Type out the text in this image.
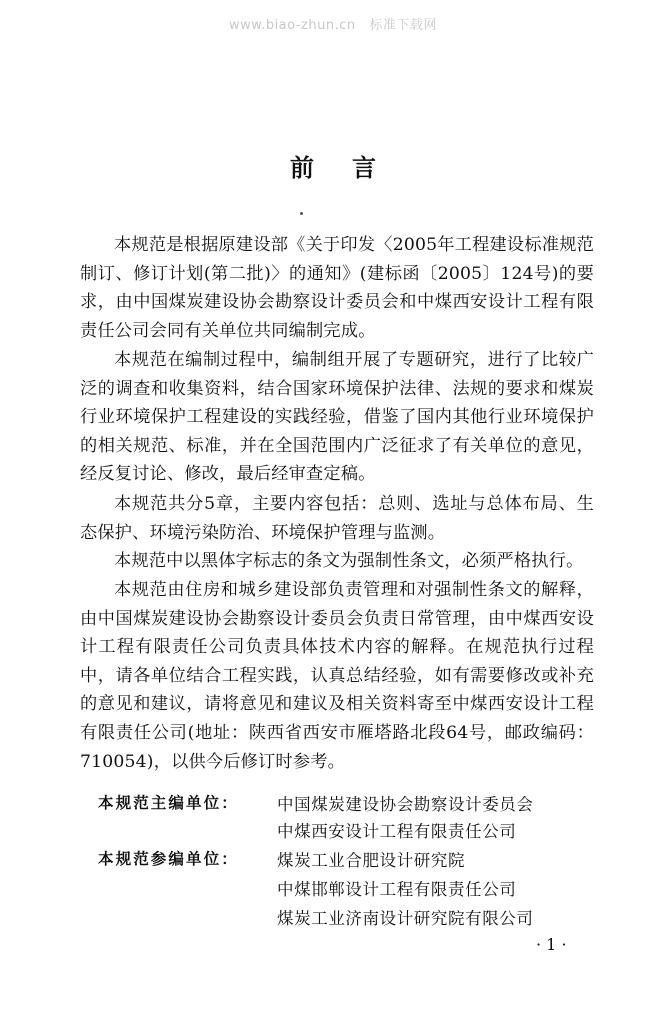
www.biao-zhun.cn   标准下载网
前言

本规范是根据原建设部《关于印发〈2005年工程建设标准规范制订、修订计划(第二批)〉的通知》(建标函〔2005〕124号)的要求，由中国煤炭建设协会勘察设计委员会和中煤西安设计工程有限责任公司会同有关单位共同编制完成。

本规范在编制过程中，编制组开展了专题研究，进行了比较广泛的调查和收集资料，结合国家环境保护法律、法规的要求和煤炭行业环境保护工程建设的实践经验，借鉴了国内其他行业环境保护的相关规范、标准，并在全国范围内广泛征求了有关单位的意见，经反复讨论、修改，最后经审查定稿。

本规范共分5章，主要内容包括：总则、选址与总体布局、生态保护、环境污染防治、环境保护管理与监测。

本规范中以黑体字标志的条文为强制性条文，必须严格执行。

本规范由住房和城乡建设部负责管理和对强制性条文的解释，由中国煤炭建设协会勘察设计委员会负责日常管理，由中煤西安设计工程有限责任公司负责具体技术内容的解释。在规范执行过程中，请各单位结合工程实践，认真总结经验，如有需要修改或补充的意见和建议，请将意见和建议及相关资料寄至中煤西安设计工程有限责任公司(地址：陕西省西安市雁塔路北段64号，邮政编码：710054)，以供今后修订时参考。

本规范主编单位： 中国煤炭建设协会勘察设计委员会
中煤西安设计工程有限责任公司
本规范参编单位： 煤炭工业合肥设计研究院
中煤邯郸设计工程有限责任公司
煤炭工业济南设计研究院有限公司
· 1 ·
